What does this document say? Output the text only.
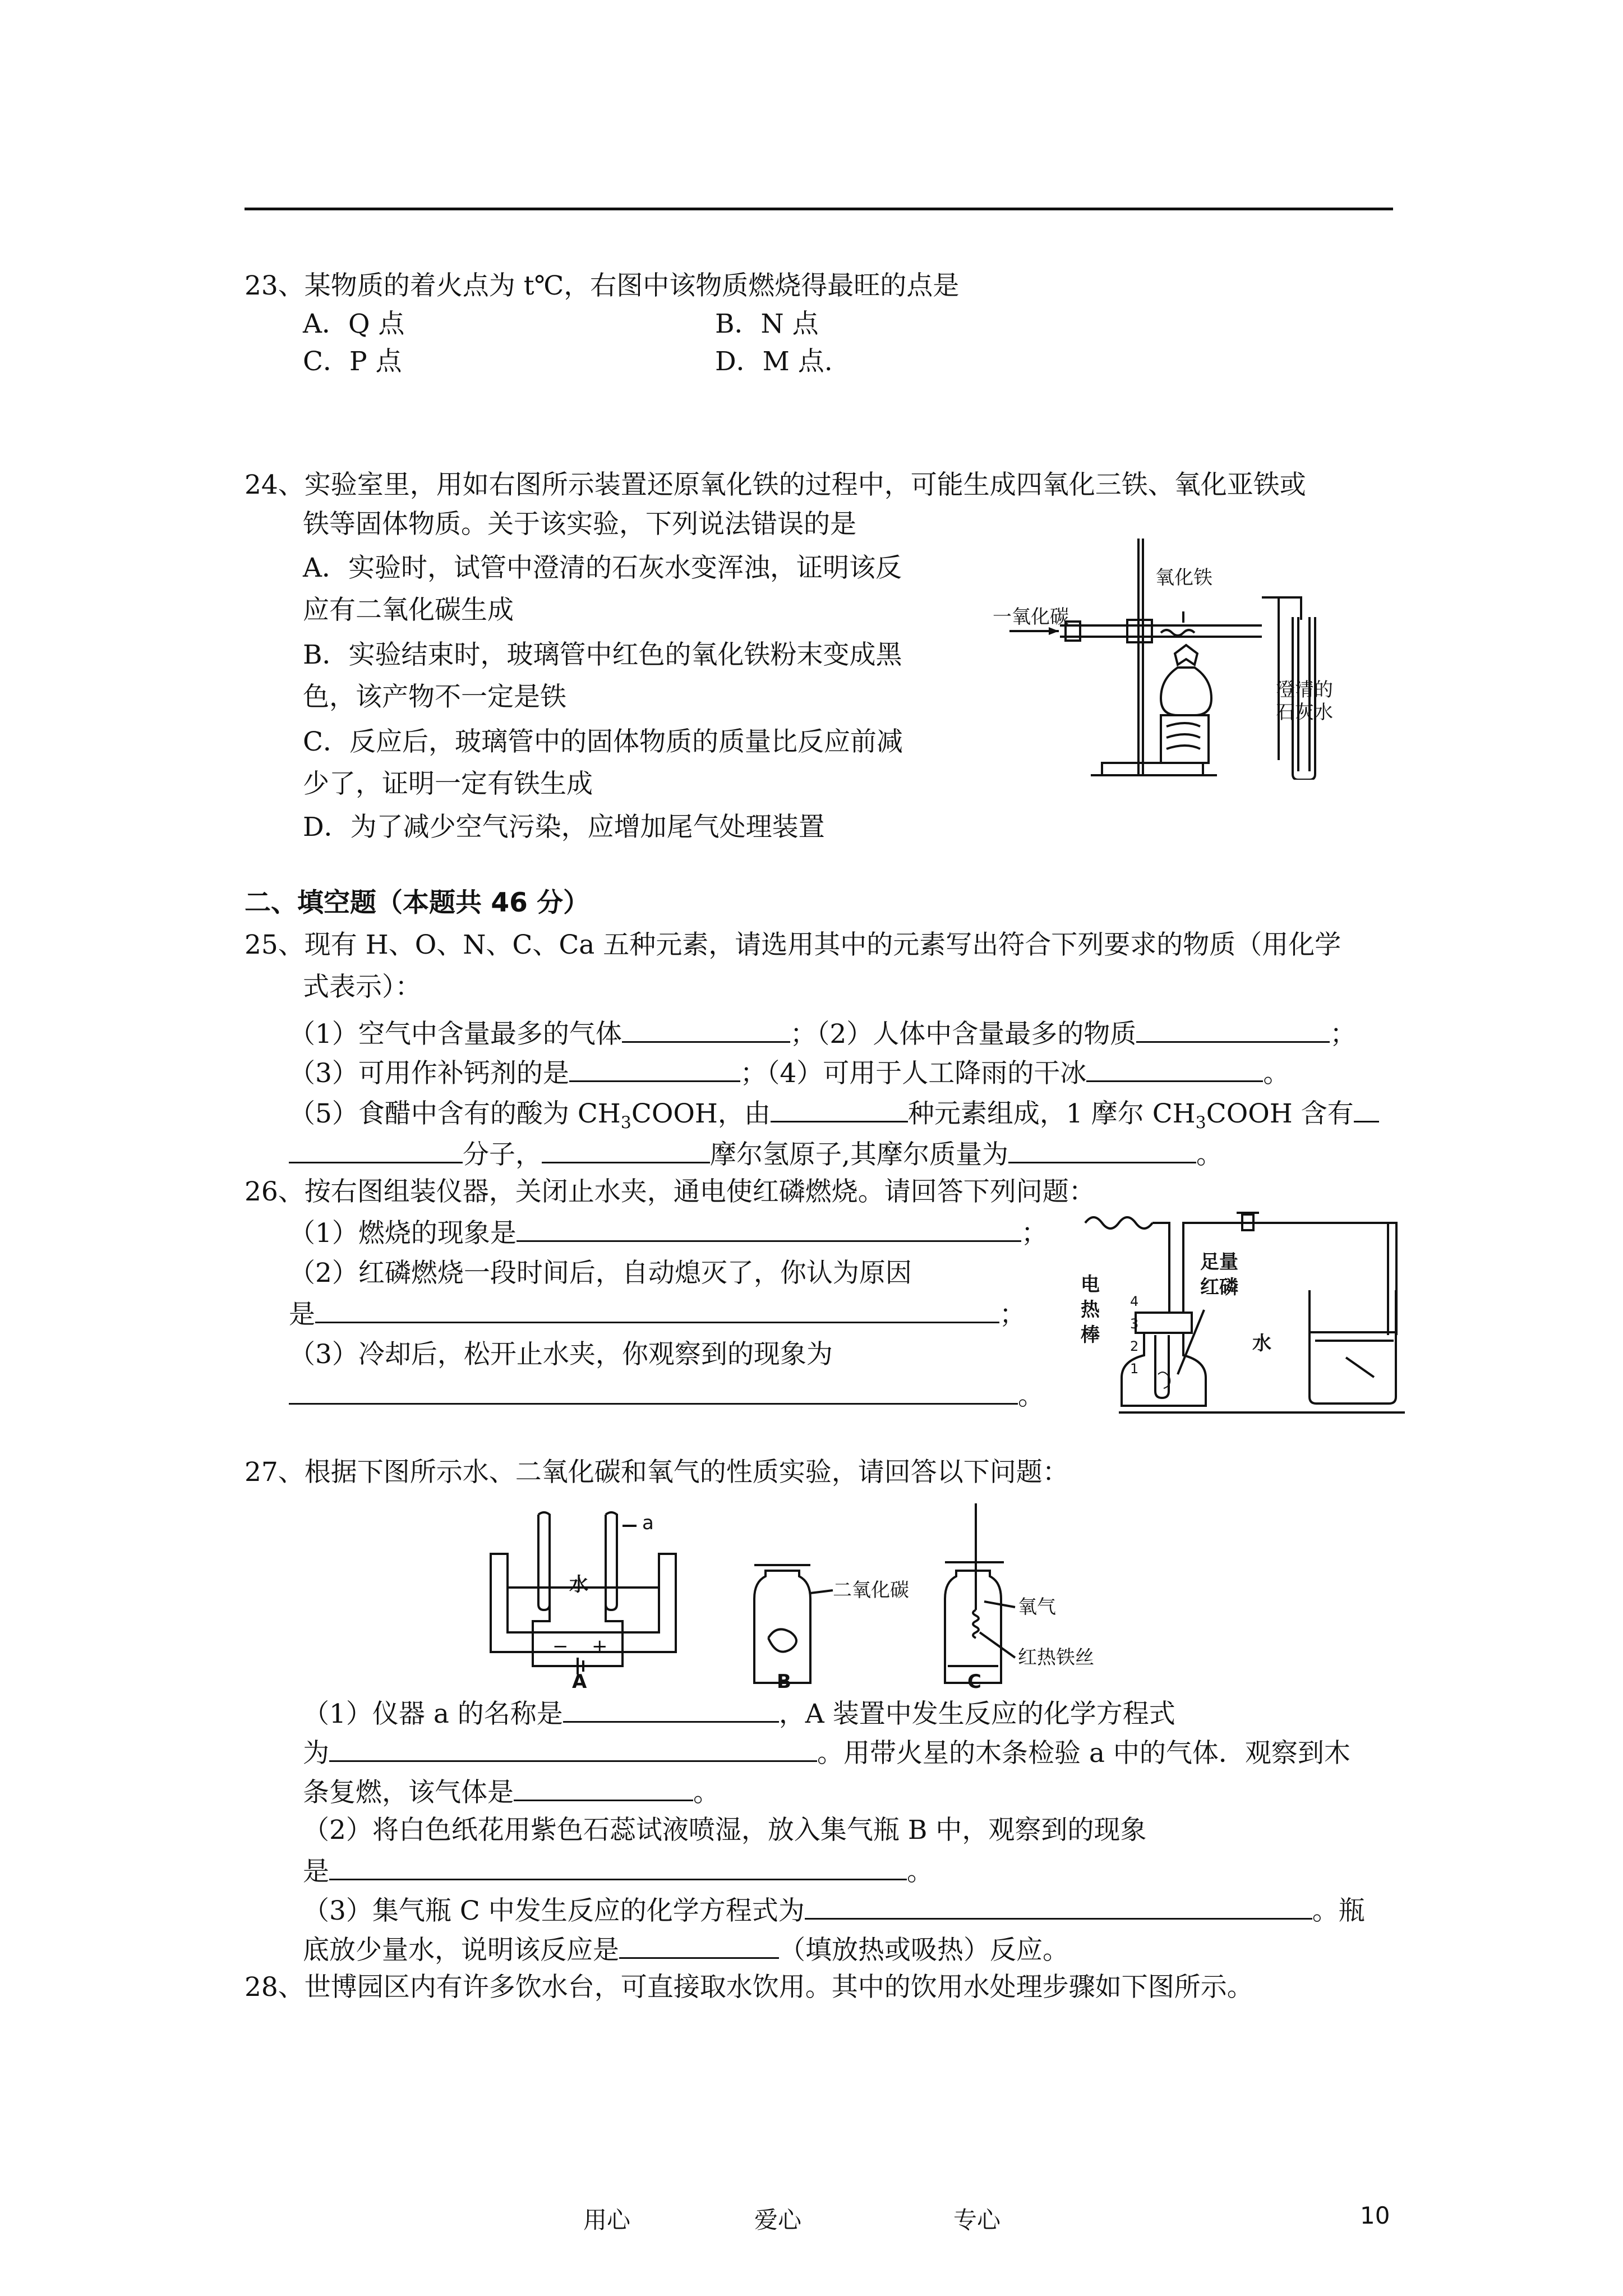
23、某物质的着火点为 t℃，右图中该物质燃烧得最旺的点是
A．Q 点	B．N 点
C．P 点	D．M 点.
24、实验室里，用如右图所示装置还原氧化铁的过程中，可能生成四氧化三铁、氧化亚铁或
铁等固体物质。关于该实验，下列说法错误的是
A．实验时，试管中澄清的石灰水变浑浊，证明该反
应有二氧化碳生成
B．实验结束时，玻璃管中红色的氧化铁粉末变成黑
色，该产物不一定是铁
C．反应后，玻璃管中的固体物质的质量比反应前减
少了，证明一定有铁生成
D．为了减少空气污染，应增加尾气处理装置
一氧化碳
氧化铁
澄清的
石灰水
二、填空题（本题共 46 分）
25、现有 H、O、N、C、Ca 五种元素，请选用其中的元素写出符合下列要求的物质（用化学
式表示）：
（1）空气中含量最多的气体	；（2）人体中含量最多的物质	；
（3）可用作补钙剂的是	；（4）可用于人工降雨的干冰	。
（5）食醋中含有的酸为 $CH_3COOH$，由	种元素组成，1 摩尔 $CH_3COOH$ 含有
分子，	摩尔氢原子,其摩尔质量为	。
26、按右图组装仪器，关闭止水夹，通电使红磷燃烧。请回答下列问题：
（1）燃烧的现象是	；
（2）红磷燃烧一段时间后，自动熄灭了，你认为原因
是	；
（3）冷却后，松开止水夹，你观察到的现象为
。
电
热
棒
足量
红磷
水
4
3
2
1
27、根据下图所示水、二氧化碳和氧气的性质实验，请回答以下问题：
a
水
− +
A	B	C
二氧化碳
氧气
红热铁丝
（1）仪器 a 的名称是	，A 装置中发生反应的化学方程式
为	。用带火星的木条检验 a 中的气体．观察到木
条复燃，该气体是	。
（2）将白色纸花用紫色石蕊试液喷湿，放入集气瓶 B 中，观察到的现象
是	。
（3）集气瓶 C 中发生反应的化学方程式为	。瓶
底放少量水，说明该反应是	（填放热或吸热）反应。
28、世博园区内有许多饮水台，可直接取水饮用。其中的饮用水处理步骤如下图所示。
用心	爱心	专心	10
